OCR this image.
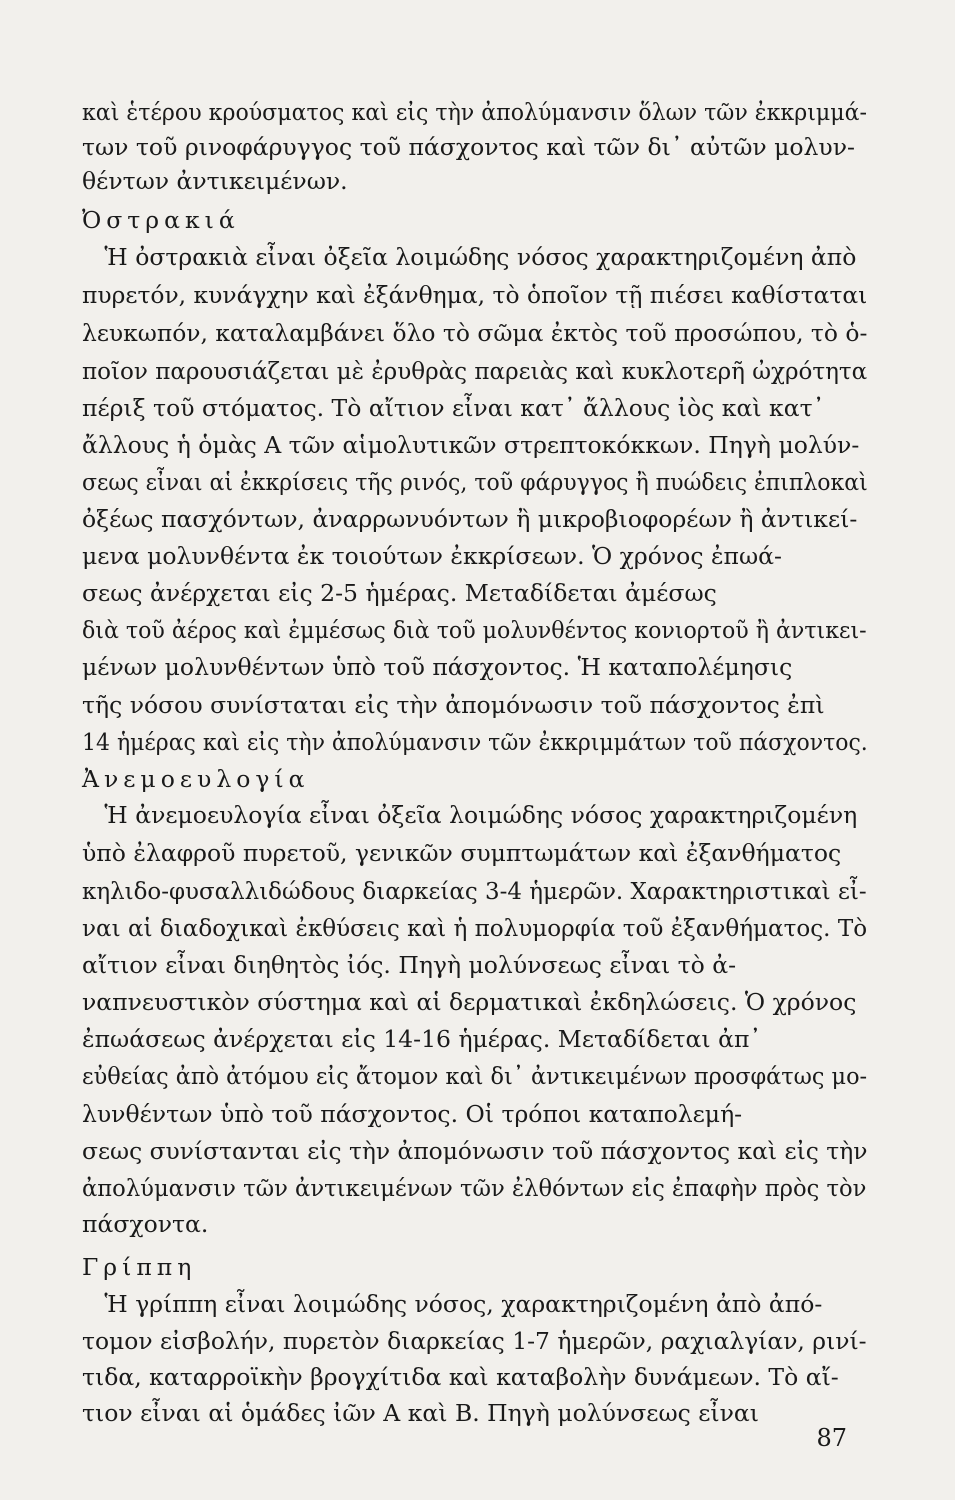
καὶ ἑτέρου κρούσματος καὶ εἰς τὴν ἀπολύμανσιν ὅλων τῶν ἐκκριμμά-
των τοῦ ρινοφάρυγγος τοῦ πάσχοντος καὶ τῶν δι᾿ αὐτῶν μολυν-
θέντων ἀντικειμένων.
Ὀστρακιά
Ἡ ὀστρακιὰ εἶναι ὀξεῖα λοιμώδης νόσος χαρακτηριζομένη ἀπὸ
πυρετόν, κυνάγχην καὶ ἐξάνθημα, τὸ ὁποῖον τῇ πιέσει καθίσταται
λευκωπόν, καταλαμβάνει ὅλο τὸ σῶμα ἐκτὸς τοῦ προσώπου, τὸ ὁ-
ποῖον παρουσιάζεται μὲ ἐρυθρὰς παρειὰς καὶ κυκλοτερῆ ὠχρότητα
πέριξ τοῦ στόματος. Τὸ αἴτιον εἶναι κατ᾿ ἄλλους ἰὸς καὶ κατ᾿
ἄλλους ἡ ὁμὰς Α τῶν αἱμολυτικῶν στρεπτοκόκκων. Πηγὴ μολύν-
σεως εἶναι αἱ ἐκκρίσεις τῆς ρινός, τοῦ φάρυγγος ἢ πυώδεις ἐπιπλοκαὶ
ὀξέως πασχόντων, ἀναρρωνυόντων ἢ μικροβιοφορέων ἢ ἀντικεί-
μενα μολυνθέντα ἐκ τοιούτων ἐκκρίσεων. Ὁ χρόνος ἐπωά-
σεως ἀνέρχεται εἰς 2-5 ἡμέρας. Μεταδίδεται ἀμέσως
διὰ τοῦ ἀέρος καὶ ἐμμέσως διὰ τοῦ μολυνθέντος κονιορτοῦ ἢ ἀντικει-
μένων μολυνθέντων ὑπὸ τοῦ πάσχοντος. Ἡ καταπολέμησις
τῆς νόσου συνίσταται εἰς τὴν ἀπομόνωσιν τοῦ πάσχοντος ἐπὶ
14 ἡμέρας καὶ εἰς τὴν ἀπολύμανσιν τῶν ἐκκριμμάτων τοῦ πάσχοντος.
Ἀνεμοευλογία
Ἡ ἀνεμοευλογία εἶναι ὀξεῖα λοιμώδης νόσος χαρακτηριζομένη
ὑπὸ ἐλαφροῦ πυρετοῦ, γενικῶν συμπτωμάτων καὶ ἐξανθήματος
κηλιδο-φυσαλλιδώδους διαρκείας 3-4 ἡμερῶν. Χαρακτηριστικαὶ εἶ-
ναι αἱ διαδοχικαὶ ἐκθύσεις καὶ ἡ πολυμορφία τοῦ ἐξανθήματος. Τὸ
αἴτιον εἶναι διηθητὸς ἰός. Πηγὴ μολύνσεως εἶναι τὸ ἀ-
ναπνευστικὸν σύστημα καὶ αἱ δερματικαὶ ἐκδηλώσεις. Ὁ χρόνος
ἐπωάσεως ἀνέρχεται εἰς 14-16 ἡμέρας. Μεταδίδεται ἀπ᾿
εὐθείας ἀπὸ ἀτόμου εἰς ἄτομον καὶ δι᾿ ἀντικειμένων προσφάτως μο-
λυνθέντων ὑπὸ τοῦ πάσχοντος. Οἱ τρόποι καταπολεμή-
σεως συνίστανται εἰς τὴν ἀπομόνωσιν τοῦ πάσχοντος καὶ εἰς τὴν
ἀπολύμανσιν τῶν ἀντικειμένων τῶν ἐλθόντων εἰς ἐπαφὴν πρὸς τὸν
πάσχοντα.
Γρίππη
Ἡ γρίππη εἶναι λοιμώδης νόσος, χαρακτηριζομένη ἀπὸ ἀπό-
τομον εἰσβολήν, πυρετὸν διαρκείας 1-7 ἡμερῶν, ραχιαλγίαν, ρινί-
τιδα, καταρροϊκὴν βρογχίτιδα καὶ καταβολὴν δυνάμεων. Τὸ αἴ-
τιον εἶναι αἱ ὁμάδες ἰῶν Α καὶ Β. Πηγὴ μολύνσεως εἶναι
87
